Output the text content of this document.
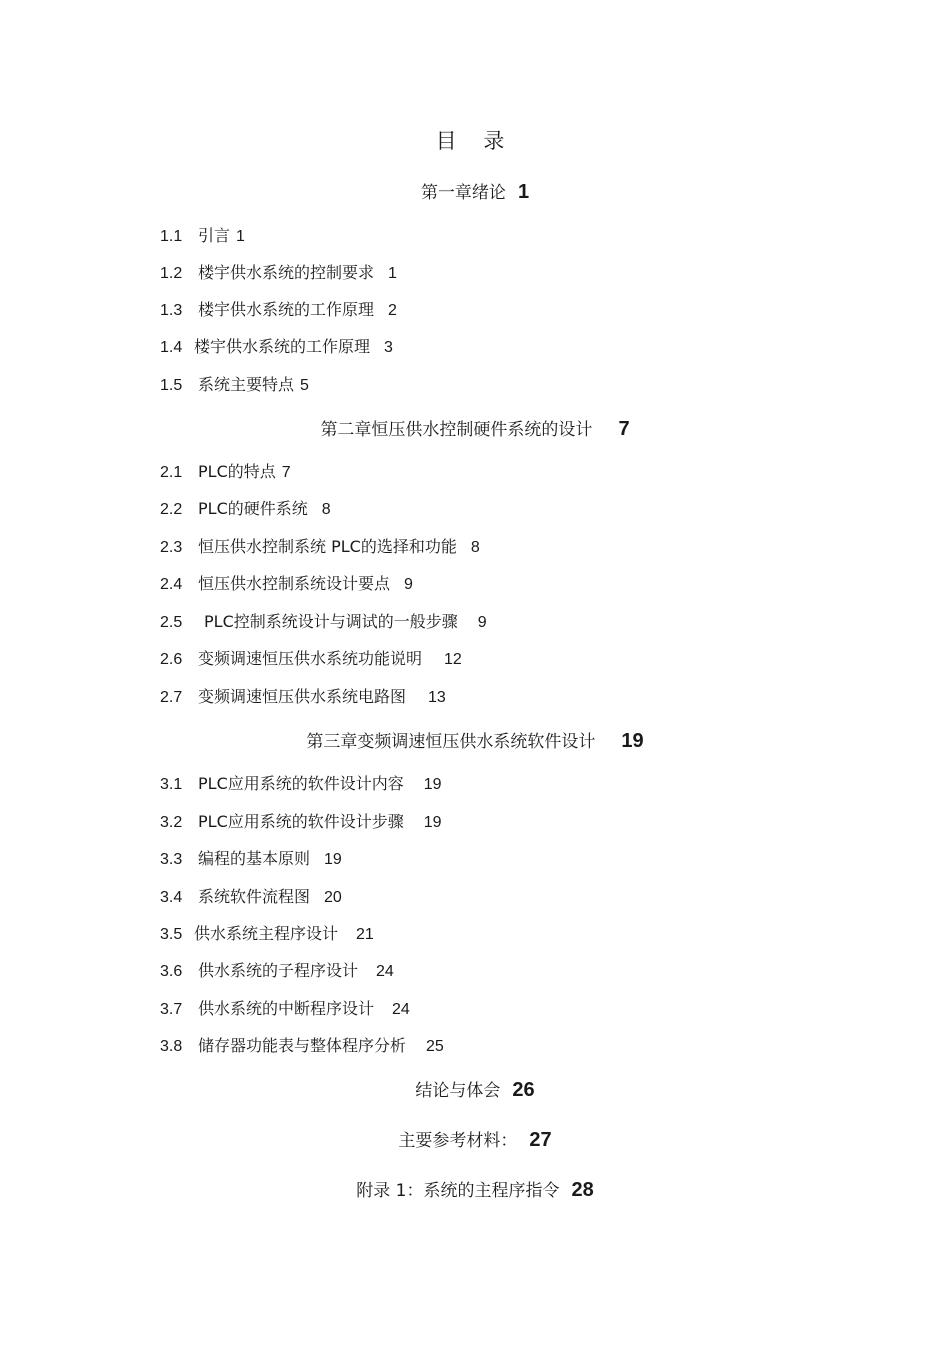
目 录
第一章绪论 1
1.1 引言 1
1.2 楼宇供水系统的控制要求 1
1.3 楼宇供水系统的工作原理 2
1.4 楼宇供水系统的工作原理 3
1.5 系统主要特点 5
第二章恒压供水控制硬件系统的设计 7
2.1 PLC的特点 7
2.2 PLC的硬件系统 8
2.3 恒压供水控制系统 PLC的选择和功能 8
2.4 恒压供水控制系统设计要点 9
2.5 PLC控制系统设计与调试的一般步骤 9
2.6 变频调速恒压供水系统功能说明 12
2.7 变频调速恒压供水系统电路图 13
第三章变频调速恒压供水系统软件设计 19
3.1 PLC应用系统的软件设计内容 19
3.2 PLC应用系统的软件设计步骤 19
3.3 编程的基本原则 19
3.4 系统软件流程图 20
3.5 供水系统主程序设计 21
3.6 供水系统的子程序设计 24
3.7 供水系统的中断程序设计 24
3.8 储存器功能表与整体程序分析 25
结论与体会 26
主要参考材料： 27
附录 1：系统的主程序指令 28
